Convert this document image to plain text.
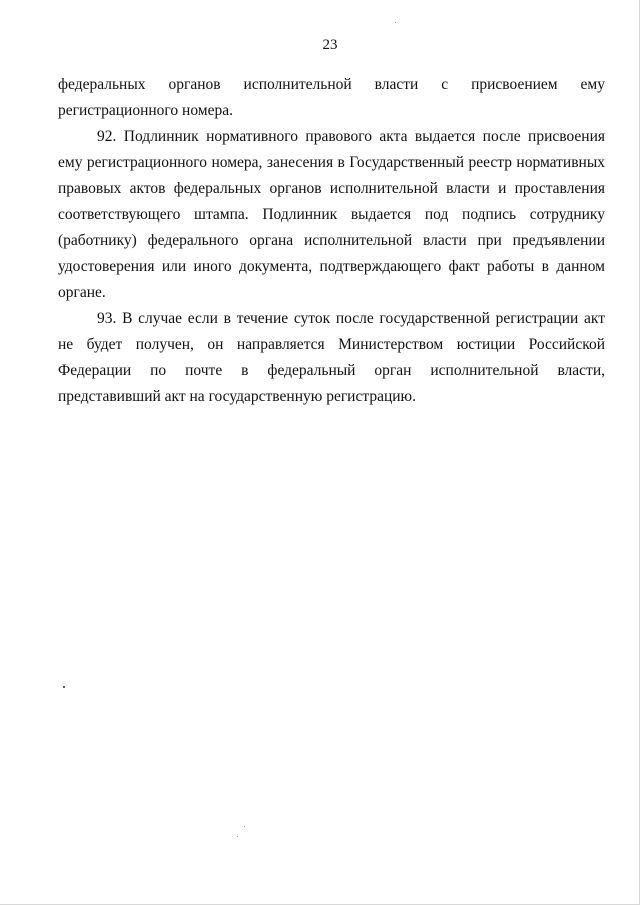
23

федеральных органов исполнительной власти с присвоением ему регистрационного номера.

92. Подлинник нормативного правового акта выдается после присвоения ему регистрационного номера, занесения в Государственный реестр нормативных правовых актов федеральных органов исполнительной власти и проставления соответствующего штампа. Подлинник выдается под подпись сотруднику (работнику) федерального органа исполнительной власти при предъявлении удостоверения или иного документа, подтверждающего факт работы в данном органе.

93. В случае если в течение суток после государственной регистрации акт не будет получен, он направляется Министерством юстиции Российской Федерации по почте в федеральный орган исполнительной власти, представивший акт на государственную регистрацию.
